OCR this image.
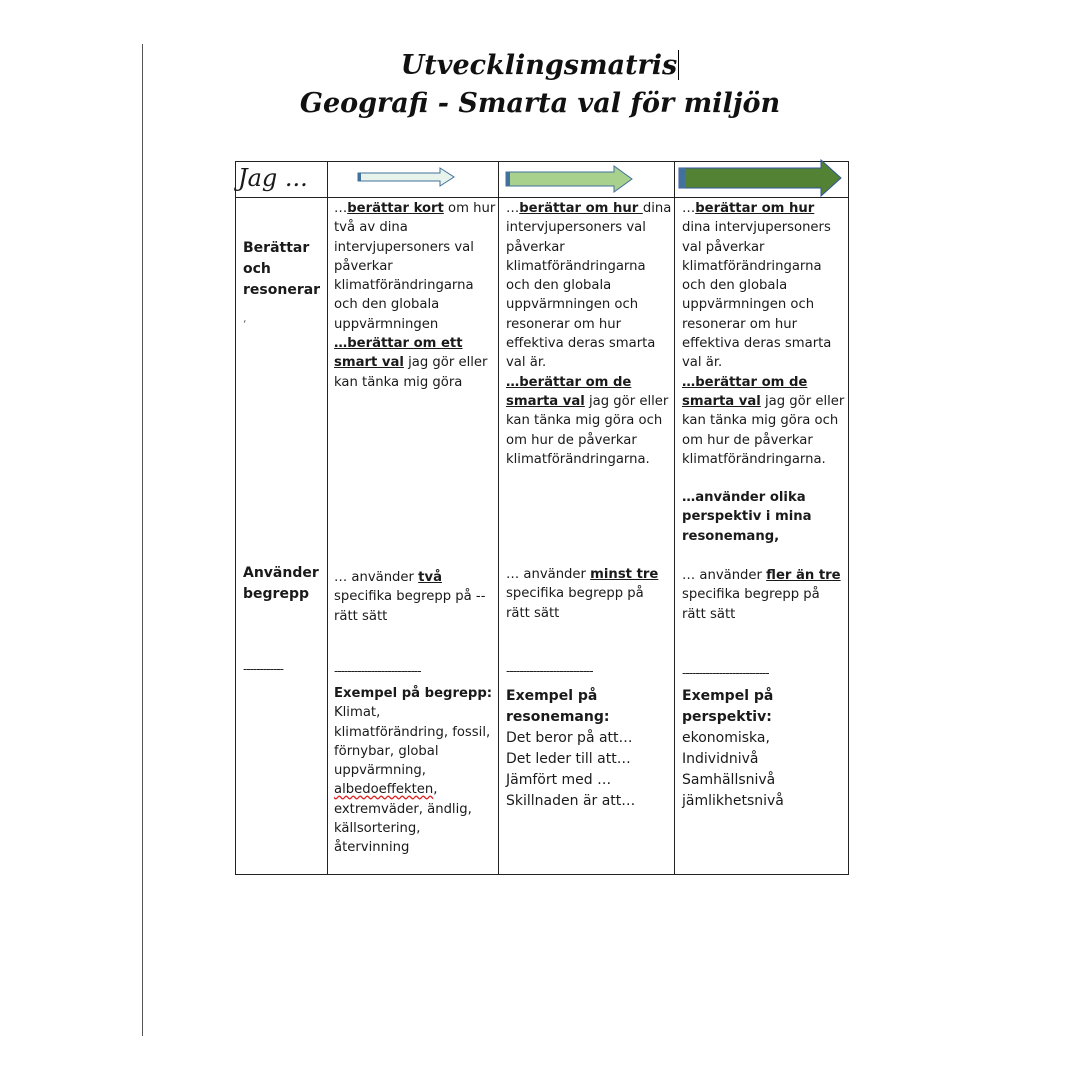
Utvecklingsmatris
Geografi - Smarta val för miljön
Jag ...
Berättar
och
resonerar
‘
Använder
begrepp
------------

…berättar kort om hur två av dina intervjupersoners val påverkar klimatförändringarna och den globala uppvärmningen

…berättar om ett smart val jag gör eller kan tänka mig göra

… använder två specifika begrepp på -- rätt sätt

--------------------------

Exempel på begrepp:

Klimat, klimatförändring, fossil, förnybar, global uppvärmning, albedoeffekten, extremväder, ändlig, källsortering, återvinning

…berättar om hur dina intervjupersoners val påverkar klimatförändringarna och den globala uppvärmningen och resonerar om hur effektiva deras smarta val är.

…berättar om de smarta val jag gör eller kan tänka mig göra och om hur de påverkar klimatförändringarna.

… använder minst tre specifika begrepp på rätt sätt

--------------------------

Exempel på resonemang:

Det beror på att…

Det leder till att…

Jämfört med …

Skillnaden är att…

…berättar om hur dina intervjupersoners val påverkar klimatförändringarna och den globala uppvärmningen och resonerar om hur effektiva deras smarta val är.

…berättar om de smarta val jag gör eller kan tänka mig göra och om hur de påverkar klimatförändringarna.

…använder olika perspektiv i mina resonemang,

… använder fler än tre specifika begrepp på rätt sätt

--------------------------

Exempel på perspektiv:

ekonomiska,

Individnivå

Samhällsnivå

jämlikhetsnivå
